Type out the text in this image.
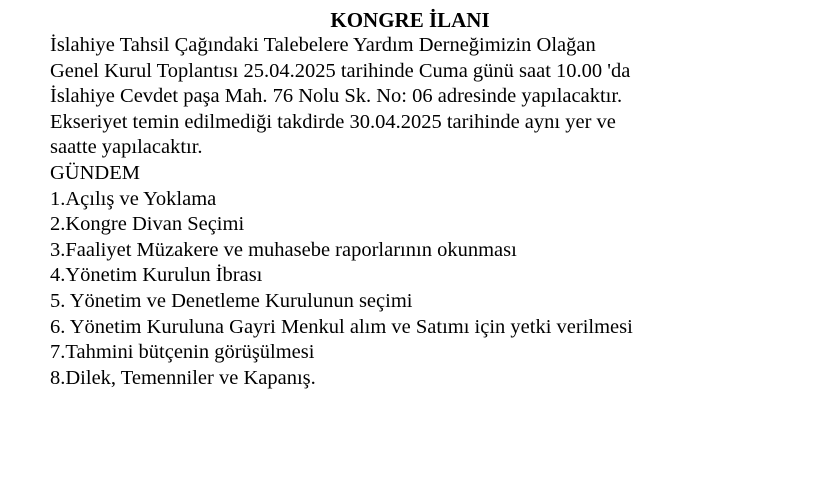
KONGRE İLANI
İslahiye Tahsil Çağındaki Talebelere Yardım Derneğimizin Olağan
Genel Kurul Toplantısı 25.04.2025 tarihinde Cuma günü saat 10.00 'da
İslahiye Cevdet paşa Mah. 76 Nolu Sk. No: 06 adresinde yapılacaktır.
Ekseriyet temin edilmediği takdirde 30.04.2025 tarihinde aynı yer ve
saatte yapılacaktır.
GÜNDEM
1.Açılış ve Yoklama
2.Kongre Divan Seçimi
3.Faaliyet Müzakere ve muhasebe raporlarının okunması
4.Yönetim Kurulun İbrası
5. Yönetim ve Denetleme Kurulunun seçimi
6. Yönetim Kuruluna Gayri Menkul alım ve Satımı için yetki verilmesi
7.Tahmini bütçenin görüşülmesi
8.Dilek, Temenniler ve Kapanış.
